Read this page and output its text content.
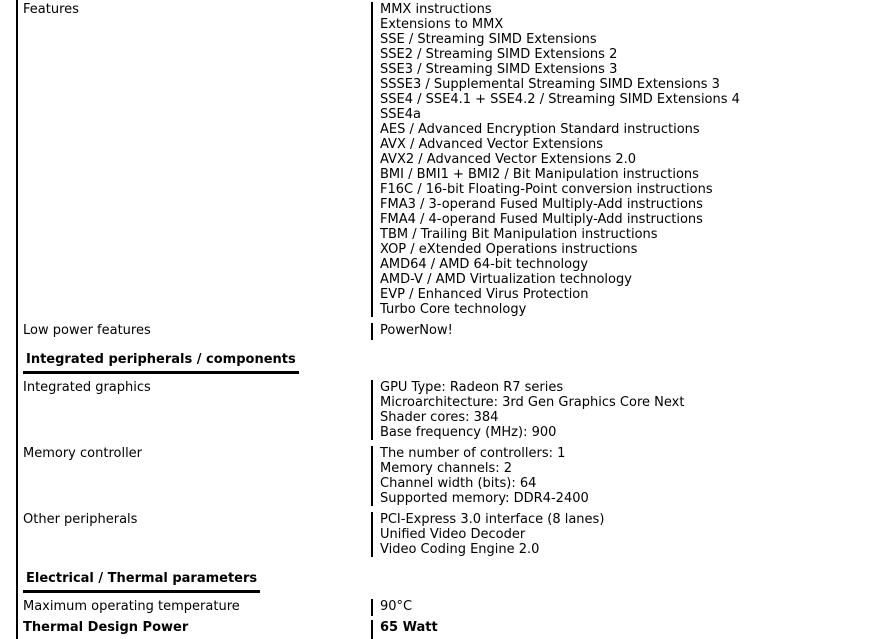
Features	MMX instructions
Extensions to MMX
SSE / Streaming SIMD Extensions
SSE2 / Streaming SIMD Extensions 2
SSE3 / Streaming SIMD Extensions 3
SSSE3 / Supplemental Streaming SIMD Extensions 3
SSE4 / SSE4.1 + SSE4.2 / Streaming SIMD Extensions 4
SSE4a
AES / Advanced Encryption Standard instructions
AVX / Advanced Vector Extensions
AVX2 / Advanced Vector Extensions 2.0
BMI / BMI1 + BMI2 / Bit Manipulation instructions
F16C / 16-bit Floating-Point conversion instructions
FMA3 / 3-operand Fused Multiply-Add instructions
FMA4 / 4-operand Fused Multiply-Add instructions
TBM / Trailing Bit Manipulation instructions
XOP / eXtended Operations instructions
AMD64 / AMD 64-bit technology
AMD-V / AMD Virtualization technology
EVP / Enhanced Virus Protection
Turbo Core technology
Low power features	PowerNow!
Integrated peripherals / components
Integrated graphics	GPU Type: Radeon R7 series
Microarchitecture: 3rd Gen Graphics Core Next
Shader cores: 384
Base frequency (MHz): 900
Memory controller	The number of controllers: 1
Memory channels: 2
Channel width (bits): 64
Supported memory: DDR4-2400
Other peripherals	PCI-Express 3.0 interface (8 lanes)
Unified Video Decoder
Video Coding Engine 2.0
Electrical / Thermal parameters
Maximum operating temperature	90°C
Thermal Design Power	65 Watt
